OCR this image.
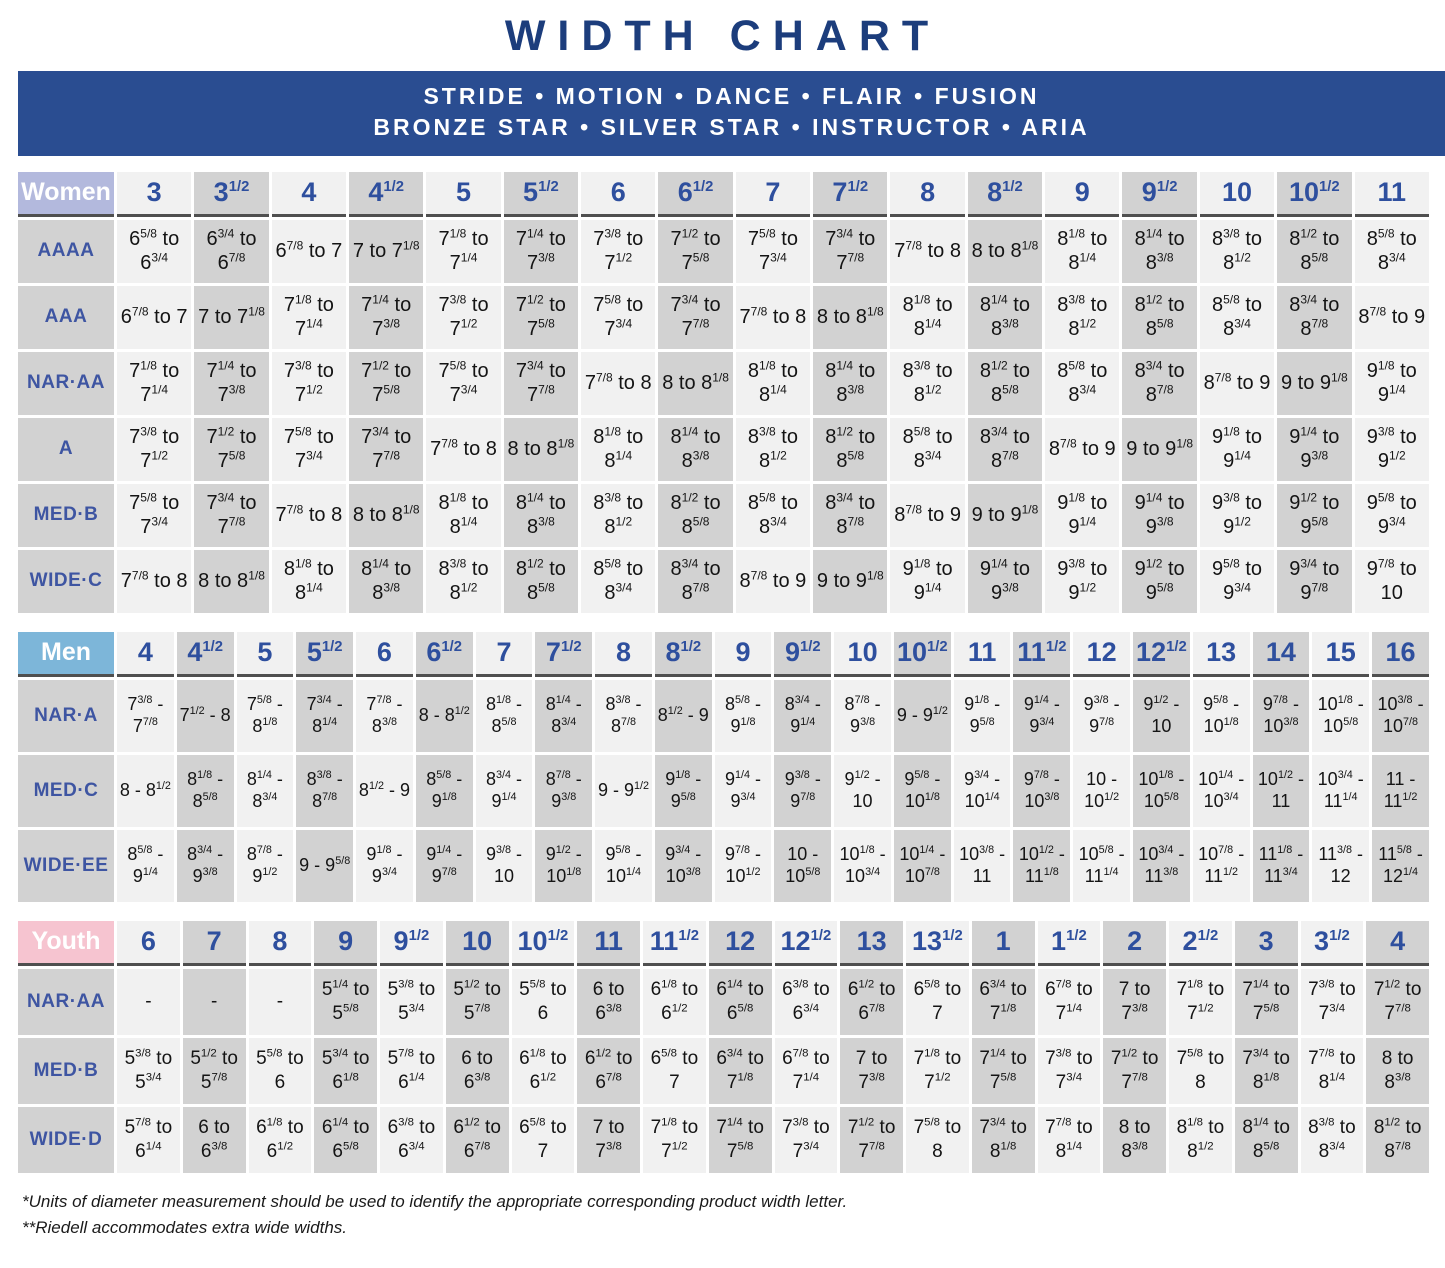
WIDTH CHART
STRIDE • MOTION • DANCE • FLAIR • FUSION
BRONZE STAR • SILVER STAR • INSTRUCTOR • ARIA
Women	3	$3^{1/2}$	4	$4^{1/2}$	5	$5^{1/2}$	6	$6^{1/2}$	7	$7^{1/2}$	8	$8^{1/2}$	9	$9^{1/2}$	10	$10^{1/2}$	11
AAAA	$6^{5/8}$ to $6^{3/4}$	$6^{3/4}$ to $6^{7/8}$	$6^{7/8}$ to 7	7 to $7^{1/8}$	$7^{1/8}$ to $7^{1/4}$	$7^{1/4}$ to $7^{3/8}$	$7^{3/8}$ to $7^{1/2}$	$7^{1/2}$ to $7^{5/8}$	$7^{5/8}$ to $7^{3/4}$	$7^{3/4}$ to $7^{7/8}$	$7^{7/8}$ to 8	8 to $8^{1/8}$	$8^{1/8}$ to $8^{1/4}$	$8^{1/4}$ to $8^{3/8}$	$8^{3/8}$ to $8^{1/2}$	$8^{1/2}$ to $8^{5/8}$	$8^{5/8}$ to $8^{3/4}$
AAA	$6^{7/8}$ to 7	7 to $7^{1/8}$	$7^{1/8}$ to $7^{1/4}$	$7^{1/4}$ to $7^{3/8}$	$7^{3/8}$ to $7^{1/2}$	$7^{1/2}$ to $7^{5/8}$	$7^{5/8}$ to $7^{3/4}$	$7^{3/4}$ to $7^{7/8}$	$7^{7/8}$ to 8	8 to $8^{1/8}$	$8^{1/8}$ to $8^{1/4}$	$8^{1/4}$ to $8^{3/8}$	$8^{3/8}$ to $8^{1/2}$	$8^{1/2}$ to $8^{5/8}$	$8^{5/8}$ to $8^{3/4}$	$8^{3/4}$ to $8^{7/8}$	$8^{7/8}$ to 9
NAR·AA	$7^{1/8}$ to $7^{1/4}$	$7^{1/4}$ to $7^{3/8}$	$7^{3/8}$ to $7^{1/2}$	$7^{1/2}$ to $7^{5/8}$	$7^{5/8}$ to $7^{3/4}$	$7^{3/4}$ to $7^{7/8}$	$7^{7/8}$ to 8	8 to $8^{1/8}$	$8^{1/8}$ to $8^{1/4}$	$8^{1/4}$ to $8^{3/8}$	$8^{3/8}$ to $8^{1/2}$	$8^{1/2}$ to $8^{5/8}$	$8^{5/8}$ to $8^{3/4}$	$8^{3/4}$ to $8^{7/8}$	$8^{7/8}$ to 9	9 to $9^{1/8}$	$9^{1/8}$ to $9^{1/4}$
A	$7^{3/8}$ to $7^{1/2}$	$7^{1/2}$ to $7^{5/8}$	$7^{5/8}$ to $7^{3/4}$	$7^{3/4}$ to $7^{7/8}$	$7^{7/8}$ to 8	8 to $8^{1/8}$	$8^{1/8}$ to $8^{1/4}$	$8^{1/4}$ to $8^{3/8}$	$8^{3/8}$ to $8^{1/2}$	$8^{1/2}$ to $8^{5/8}$	$8^{5/8}$ to $8^{3/4}$	$8^{3/4}$ to $8^{7/8}$	$8^{7/8}$ to 9	9 to $9^{1/8}$	$9^{1/8}$ to $9^{1/4}$	$9^{1/4}$ to $9^{3/8}$	$9^{3/8}$ to $9^{1/2}$
MED·B	$7^{5/8}$ to $7^{3/4}$	$7^{3/4}$ to $7^{7/8}$	$7^{7/8}$ to 8	8 to $8^{1/8}$	$8^{1/8}$ to $8^{1/4}$	$8^{1/4}$ to $8^{3/8}$	$8^{3/8}$ to $8^{1/2}$	$8^{1/2}$ to $8^{5/8}$	$8^{5/8}$ to $8^{3/4}$	$8^{3/4}$ to $8^{7/8}$	$8^{7/8}$ to 9	9 to $9^{1/8}$	$9^{1/8}$ to $9^{1/4}$	$9^{1/4}$ to $9^{3/8}$	$9^{3/8}$ to $9^{1/2}$	$9^{1/2}$ to $9^{5/8}$	$9^{5/8}$ to $9^{3/4}$
WIDE·C	$7^{7/8}$ to 8	8 to $8^{1/8}$	$8^{1/8}$ to $8^{1/4}$	$8^{1/4}$ to $8^{3/8}$	$8^{3/8}$ to $8^{1/2}$	$8^{1/2}$ to $8^{5/8}$	$8^{5/8}$ to $8^{3/4}$	$8^{3/4}$ to $8^{7/8}$	$8^{7/8}$ to 9	9 to $9^{1/8}$	$9^{1/8}$ to $9^{1/4}$	$9^{1/4}$ to $9^{3/8}$	$9^{3/8}$ to $9^{1/2}$	$9^{1/2}$ to $9^{5/8}$	$9^{5/8}$ to $9^{3/4}$	$9^{3/4}$ to $9^{7/8}$	$9^{7/8}$ to 10
Men	4	$4^{1/2}$	5	$5^{1/2}$	6	$6^{1/2}$	7	$7^{1/2}$	8	$8^{1/2}$	9	$9^{1/2}$	10	$10^{1/2}$	11	$11^{1/2}$	12	$12^{1/2}$	13	14	15	16
NAR·A	$7^{3/8} - 7^{7/8}$	$7^{1/2} - 8$	$7^{5/8} - 8^{1/8}$	$7^{3/4} - 8^{1/4}$	$7^{7/8} - 8^{3/8}$	$8 - 8^{1/2}$	$8^{1/8} - 8^{5/8}$	$8^{1/4} - 8^{3/4}$	$8^{3/8} - 8^{7/8}$	$8^{1/2} - 9$	$8^{5/8} - 9^{1/8}$	$8^{3/4} - 9^{1/4}$	$8^{7/8} - 9^{3/8}$	$9 - 9^{1/2}$	$9^{1/8} - 9^{5/8}$	$9^{1/4} - 9^{3/4}$	$9^{3/8} - 9^{7/8}$	$9^{1/2} - 10$	$9^{5/8} - 10^{1/8}$	$9^{7/8} - 10^{3/8}$	$10^{1/8} - 10^{5/8}$	$10^{3/8} - 10^{7/8}$
MED·C	$8 - 8^{1/2}$	$8^{1/8} - 8^{5/8}$	$8^{1/4} - 8^{3/4}$	$8^{3/8} - 8^{7/8}$	$8^{1/2} - 9$	$8^{5/8} - 9^{1/8}$	$8^{3/4} - 9^{1/4}$	$8^{7/8} - 9^{3/8}$	$9 - 9^{1/2}$	$9^{1/8} - 9^{5/8}$	$9^{1/4} - 9^{3/4}$	$9^{3/8} - 9^{7/8}$	$9^{1/2} - 10$	$9^{5/8} - 10^{1/8}$	$9^{3/4} - 10^{1/4}$	$9^{7/8} - 10^{3/8}$	$10 - 10^{1/2}$	$10^{1/8} - 10^{5/8}$	$10^{1/4} - 10^{3/4}$	$10^{1/2} - 11$	$10^{3/4} - 11^{1/4}$	$11 - 11^{1/2}$
WIDE·EE	$8^{5/8} - 9^{1/4}$	$8^{3/4} - 9^{3/8}$	$8^{7/8} - 9^{1/2}$	$9 - 9^{5/8}$	$9^{1/8} - 9^{3/4}$	$9^{1/4} - 9^{7/8}$	$9^{3/8} - 10$	$9^{1/2} - 10^{1/8}$	$9^{5/8} - 10^{1/4}$	$9^{3/4} - 10^{3/8}$	$9^{7/8} - 10^{1/2}$	$10 - 10^{5/8}$	$10^{1/8} - 10^{3/4}$	$10^{1/4} - 10^{7/8}$	$10^{3/8} - 11$	$10^{1/2} - 11^{1/8}$	$10^{5/8} - 11^{1/4}$	$10^{3/4} - 11^{3/8}$	$10^{7/8} - 11^{1/2}$	$11^{1/8} - 11^{3/4}$	$11^{3/8} - 12$	$11^{5/8} - 12^{1/4}$
Youth	6	7	8	9	$9^{1/2}$	10	$10^{1/2}$	11	$11^{1/2}$	12	$12^{1/2}$	13	$13^{1/2}$	1	$1^{1/2}$	2	$2^{1/2}$	3	$3^{1/2}$	4
NAR·AA	-	-	-	$5^{1/4}$ to $5^{5/8}$	$5^{3/8}$ to $5^{3/4}$	$5^{1/2}$ to $5^{7/8}$	$5^{5/8}$ to 6	6 to $6^{3/8}$	$6^{1/8}$ to $6^{1/2}$	$6^{1/4}$ to $6^{5/8}$	$6^{3/8}$ to $6^{3/4}$	$6^{1/2}$ to $6^{7/8}$	$6^{5/8}$ to 7	$6^{3/4}$ to $7^{1/8}$	$6^{7/8}$ to $7^{1/4}$	7 to $7^{3/8}$	$7^{1/8}$ to $7^{1/2}$	$7^{1/4}$ to $7^{5/8}$	$7^{3/8}$ to $7^{3/4}$	$7^{1/2}$ to $7^{7/8}$
MED·B	$5^{3/8}$ to $5^{3/4}$	$5^{1/2}$ to $5^{7/8}$	$5^{5/8}$ to 6	$5^{3/4}$ to $6^{1/8}$	$5^{7/8}$ to $6^{1/4}$	6 to $6^{3/8}$	$6^{1/8}$ to $6^{1/2}$	$6^{1/2}$ to $6^{7/8}$	$6^{5/8}$ to 7	$6^{3/4}$ to $7^{1/8}$	$6^{7/8}$ to $7^{1/4}$	7 to $7^{3/8}$	$7^{1/8}$ to $7^{1/2}$	$7^{1/4}$ to $7^{5/8}$	$7^{3/8}$ to $7^{3/4}$	$7^{1/2}$ to $7^{7/8}$	$7^{5/8}$ to 8	$7^{3/4}$ to $8^{1/8}$	$7^{7/8}$ to $8^{1/4}$	8 to $8^{3/8}$
WIDE·D	$5^{7/8}$ to $6^{1/4}$	6 to $6^{3/8}$	$6^{1/8}$ to $6^{1/2}$	$6^{1/4}$ to $6^{5/8}$	$6^{3/8}$ to $6^{3/4}$	$6^{1/2}$ to $6^{7/8}$	$6^{5/8}$ to 7	7 to $7^{3/8}$	$7^{1/8}$ to $7^{1/2}$	$7^{1/4}$ to $7^{5/8}$	$7^{3/8}$ to $7^{3/4}$	$7^{1/2}$ to $7^{7/8}$	$7^{5/8}$ to 8	$7^{3/4}$ to $8^{1/8}$	$7^{7/8}$ to $8^{1/4}$	8 to $8^{3/8}$	$8^{1/8}$ to $8^{1/2}$	$8^{1/4}$ to $8^{5/8}$	$8^{3/8}$ to $8^{3/4}$	$8^{1/2}$ to $8^{7/8}$

*Units of diameter measurement should be used to identify the appropriate corresponding product width letter.

**Riedell accommodates extra wide widths.
